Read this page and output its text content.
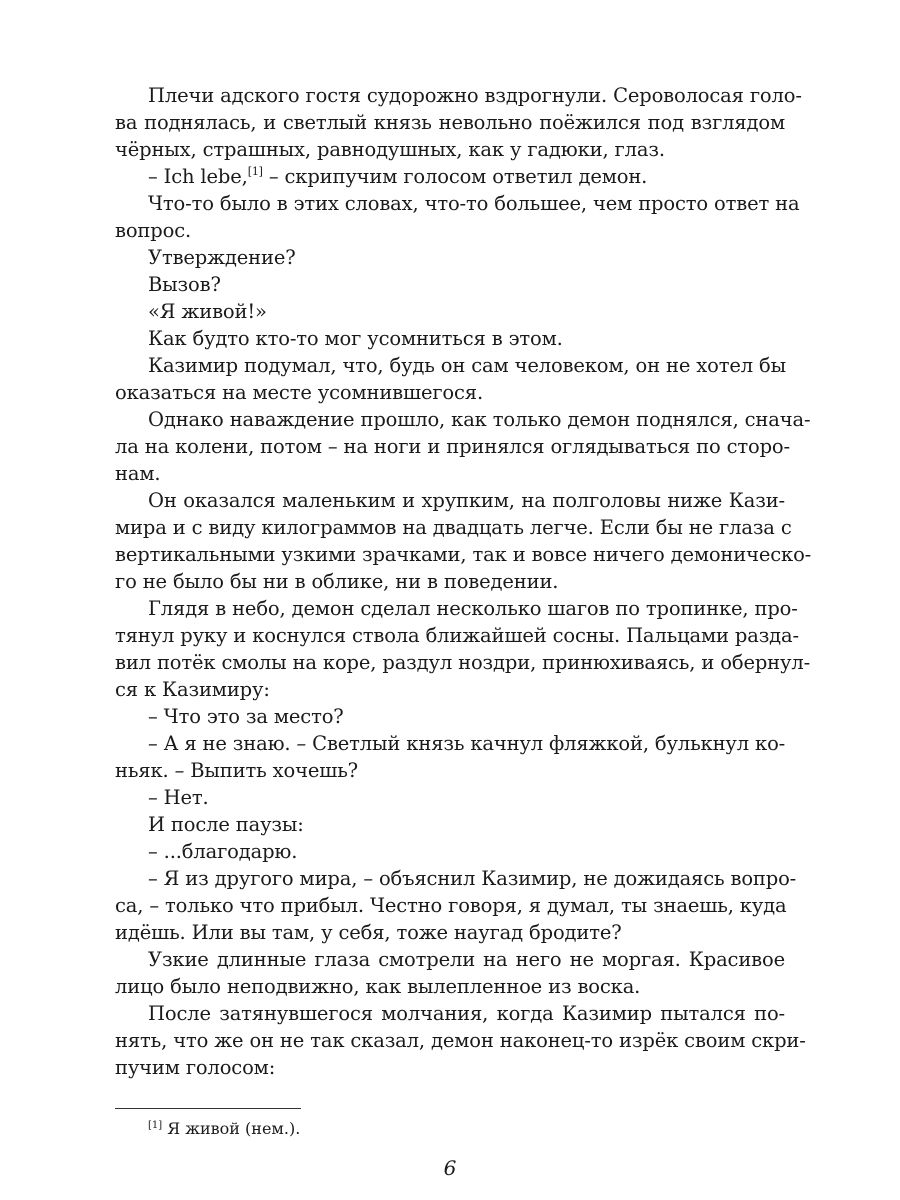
Плечи адского гостя судорожно вздрогнули. Сероволосая голо-
ва поднялась, и светлый князь невольно поёжился под взглядом
чёрных, страшных, равнодушных, как у гадюки, глаз.
– Ich lebe,[1] – скрипучим голосом ответил демон.
Что-то было в этих словах, что-то большее, чем просто ответ на
вопрос.
Утверждение?
Вызов?
«Я живой!»
Как будто кто-то мог усомниться в этом.
Казимир подумал, что, будь он сам человеком, он не хотел бы
оказаться на месте усомнившегося.
Однако наваждение прошло, как только демон поднялся, снача-
ла на колени, потом – на ноги и принялся оглядываться по сторо-
нам.
Он оказался маленьким и хрупким, на полголовы ниже Кази-
мира и с виду килограммов на двадцать легче. Если бы не глаза с
вертикальными узкими зрачками, так и вовсе ничего демоническо-
го не было бы ни в облике, ни в поведении.
Глядя в небо, демон сделал несколько шагов по тропинке, про-
тянул руку и коснулся ствола ближайшей сосны. Пальцами разда-
вил потёк смолы на коре, раздул ноздри, принюхиваясь, и обернул-
ся к Казимиру:
– Что это за место?
– А я не знаю. – Светлый князь качнул фляжкой, булькнул ко-
ньяк. – Выпить хочешь?
– Нет.
И после паузы:
– ...благодарю.
– Я из другого мира, – объяснил Казимир, не дожидаясь вопро-
са, – только что прибыл. Честно говоря, я думал, ты знаешь, куда
идёшь. Или вы там, у себя, тоже наугад бродите?
Узкие длинные глаза смотрели на него не моргая. Красивое
лицо было неподвижно, как вылепленное из воска.
После затянувшегося молчания, когда Казимир пытался по-
нять, что же он не так сказал, демон наконец-то изрёк своим скри-
пучим голосом:
[1] Я живой (нем.).
6
